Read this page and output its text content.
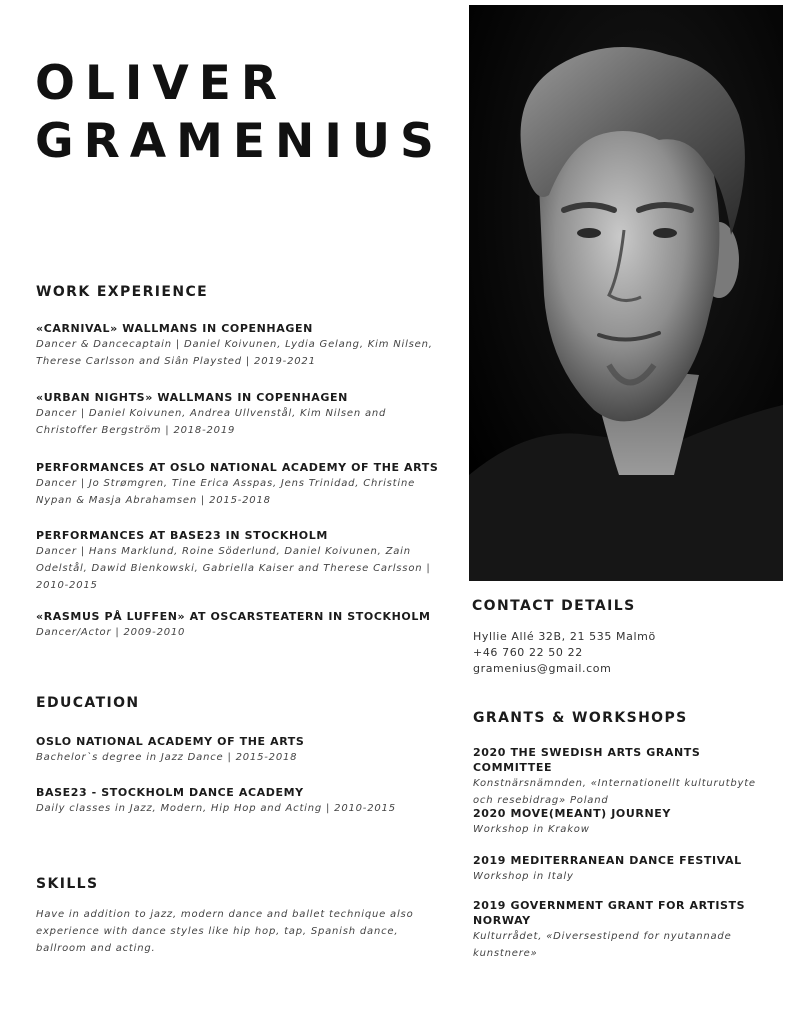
OLIVER
GRAMENIUS
WORK EXPERIENCE
«CARNIVAL» WALLMANS IN COPENHAGEN
Dancer & Dancecaptain | Daniel Koivunen, Lydia Gelang, Kim Nilsen, Therese Carlsson and Siân Playsted | 2019-2021
«URBAN NIGHTS» WALLMANS IN COPENHAGEN
Dancer | Daniel Koivunen, Andrea Ullvenstål, Kim Nilsen and Christoffer Bergström | 2018-2019
PERFORMANCES AT OSLO NATIONAL ACADEMY OF THE ARTS
Dancer | Jo Strømgren, Tine Erica Asspas, Jens Trinidad, Christine Nypan & Masja Abrahamsen | 2015-2018
PERFORMANCES AT BASE23 IN STOCKHOLM
Dancer | Hans Marklund, Roine Söderlund, Daniel Koivunen, Zain Odelstål, Dawid Bienkowski, Gabriella Kaiser and Therese Carlsson | 2010-2015
«RASMUS PÅ LUFFEN» AT OSCARSTEATERN IN STOCKHOLM
Dancer/Actor | 2009-2010
EDUCATION
OSLO NATIONAL ACADEMY OF THE ARTS
Bachelor`s degree in Jazz Dance | 2015-2018
BASE23 - STOCKHOLM DANCE ACADEMY
Daily classes in Jazz, Modern, Hip Hop and Acting | 2010-2015
SKILLS
Have in addition to jazz, modern dance and ballet technique also experience with dance styles like hip hop, tap, Spanish dance, ballroom and acting.
CONTACT DETAILS
Hyllie Allé 32B, 21 535 Malmö
+46 760 22 50 22
gramenius@gmail.com
GRANTS & WORKSHOPS
2020 THE SWEDISH ARTS GRANTS COMMITTEE
Konstnärsnämnden, «Internationellt kulturutbyte och resebidrag» Poland
2020 MOVE(MEANT) JOURNEY
Workshop in Krakow
2019 MEDITERRANEAN DANCE FESTIVAL
Workshop in Italy
2019 GOVERNMENT GRANT FOR ARTISTS NORWAY
Kulturrådet, «Diversestipend for nyutannade kunstnere»
